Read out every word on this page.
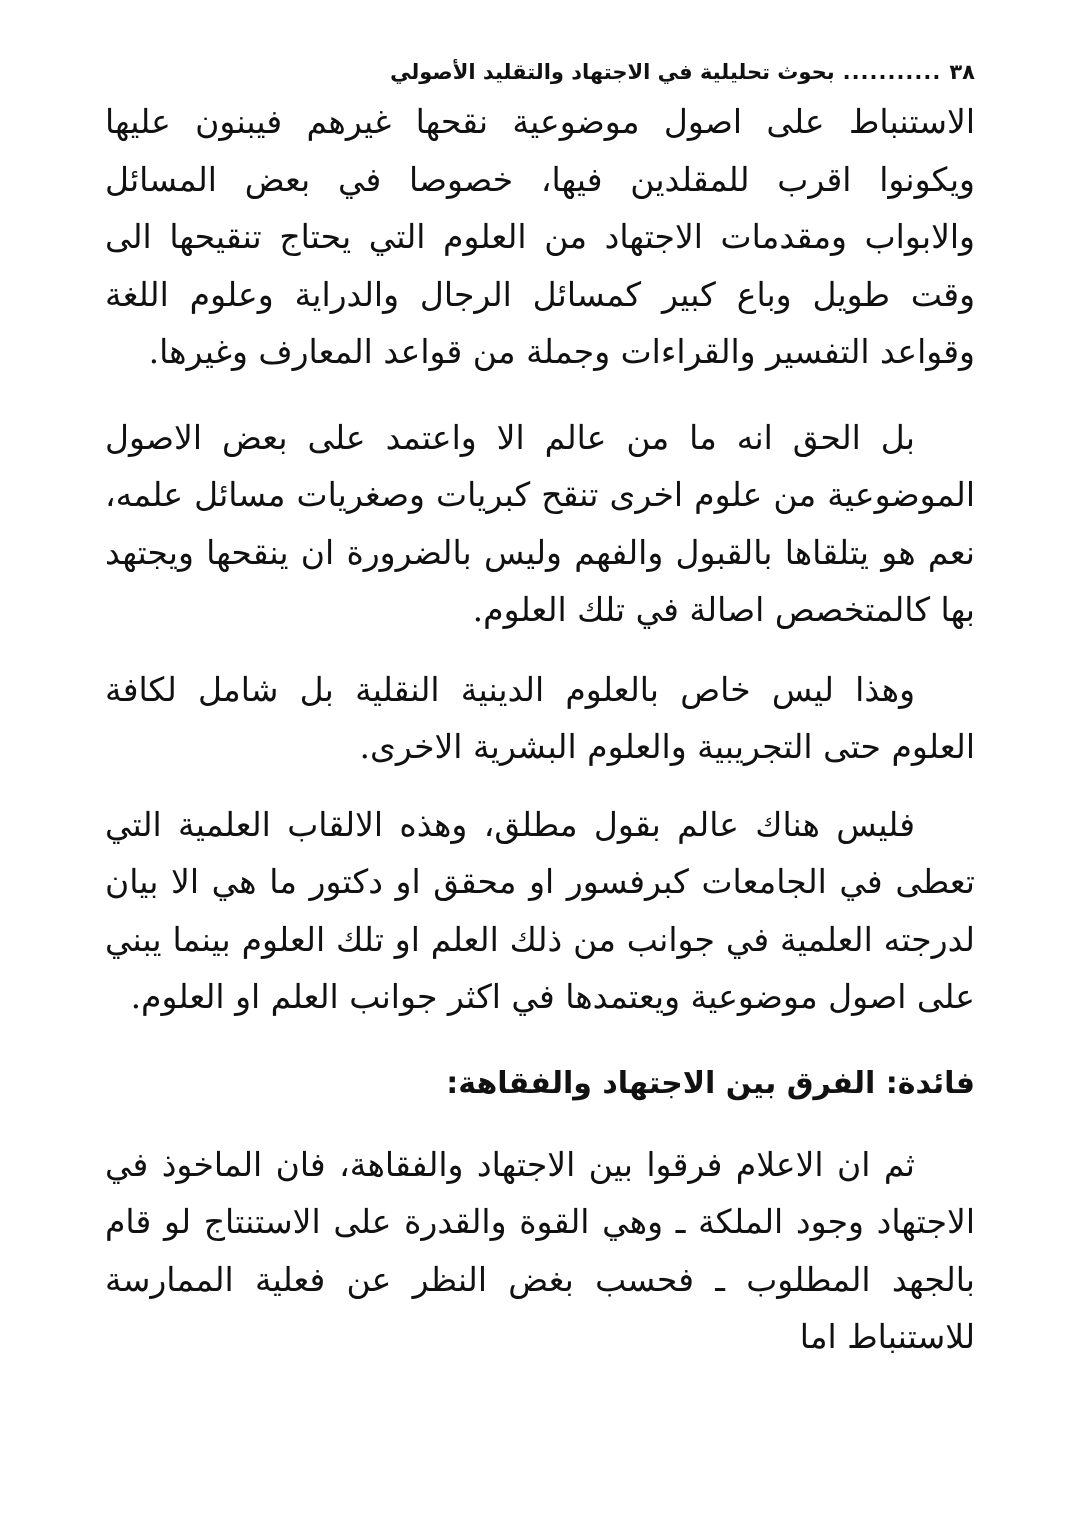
٣٨
...........
بحوث تحليلية في الاجتهاد والتقليد الأصولي

الاستنباط على اصول موضوعية نقحها غيرهم فيبنون عليها ويكونوا اقرب للمقلدين فيها، خصوصا في بعض المسائل والابواب ومقدمات الاجتهاد من العلوم التي يحتاج تنقيحها الى وقت طويل وباع كبير كمسائل الرجال والدراية وعلوم اللغة وقواعد التفسير والقراءات وجملة من قواعد المعارف وغيرها.

بل الحق انه ما من عالم الا واعتمد على بعض الاصول الموضوعية من علوم اخرى تنقح كبريات وصغريات مسائل علمه، نعم هو يتلقاها بالقبول والفهم وليس بالضرورة ان ينقحها ويجتهد بها كالمتخصص اصالة في تلك العلوم.

وهذا ليس خاص بالعلوم الدينية النقلية بل شامل لكافة العلوم حتى التجريبية والعلوم البشرية الاخرى.

فليس هناك عالم بقول مطلق، وهذه الالقاب العلمية التي تعطى في الجامعات كبرفسور او محقق او دكتور ما هي الا بيان لدرجته العلمية في جوانب من ذلك العلم او تلك العلوم بينما يبني على اصول موضوعية ويعتمدها في اكثر جوانب العلم او العلوم.

فائدة: الفرق بين الاجتهاد والفقاهة:

ثم ان الاعلام فرقوا بين الاجتهاد والفقاهة، فان الماخوذ في الاجتهاد وجود الملكة ـ وهي القوة والقدرة على الاستنتاج لو قام بالجهد المطلوب ـ فحسب بغض النظر عن فعلية الممارسة للاستنباط اما
